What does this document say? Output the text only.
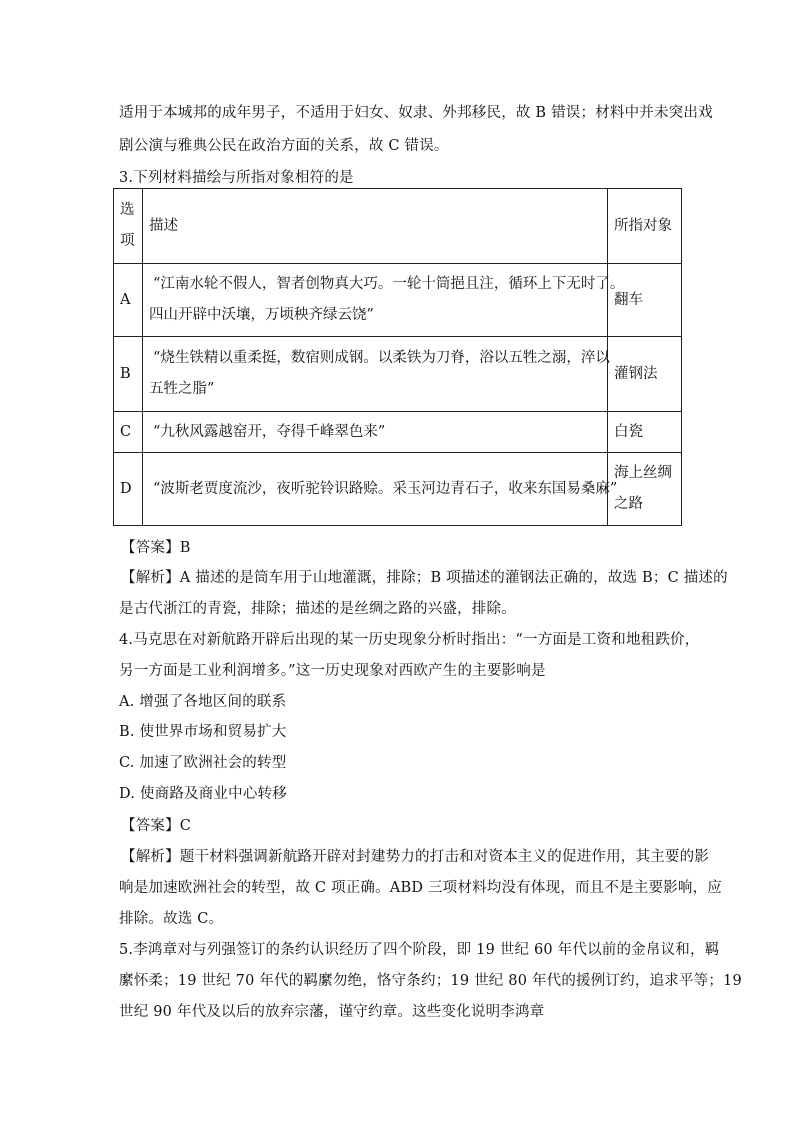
适用于本城邦的成年男子，不适用于妇女、奴隶、外邦移民，故 B 错误；材料中并未突出戏
剧公演与雅典公民在政治方面的关系，故 C 错误。
3.下列材料描绘与所指对象相符的是
选
项	描述	所指对象
A	“江南水轮不假人，智者创物真大巧。一轮十筒挹且注，循环上下无时了。
四山开辟中沃壤，万顷秧齐绿云饶”	翻车
B	“烧生铁精以重柔挺，数宿则成钢。以柔铁为刀脊，浴以五牲之溺，淬以
五牲之脂”	灌钢法
C	“九秋风露越窑开，夺得千峰翠色来”	白瓷
D	“波斯老贾度流沙，夜听驼铃识路赊。采玉河边青石子，收来东国易桑麻”	海上丝绸
之路
【答案】B
【解析】A 描述的是筒车用于山地灌溉，排除；B 项描述的灌钢法正确的，故选 B；C 描述的
是古代浙江的青瓷，排除；描述的是丝绸之路的兴盛，排除。
4.马克思在对新航路开辟后出现的某一历史现象分析时指出：“一方面是工资和地租跌价，
另一方面是工业利润增多。”这一历史现象对西欧产生的主要影响是
A. 增强了各地区间的联系
B. 使世界市场和贸易扩大
C. 加速了欧洲社会的转型
D. 使商路及商业中心转移
【答案】C
【解析】题干材料强调新航路开辟对封建势力的打击和对资本主义的促进作用，其主要的影
响是加速欧洲社会的转型，故 C 项正确。ABD 三项材料均没有体现，而且不是主要影响，应
排除。故选 C。
5.李鸿章对与列强签订的条约认识经历了四个阶段，即 19 世纪 60 年代以前的金帛议和，羁
縻怀柔；19 世纪 70 年代的羁縻勿绝，恪守条约；19 世纪 80 年代的援例订约，追求平等；19
世纪 90 年代及以后的放弃宗藩，谨守约章。这些变化说明李鸿章
